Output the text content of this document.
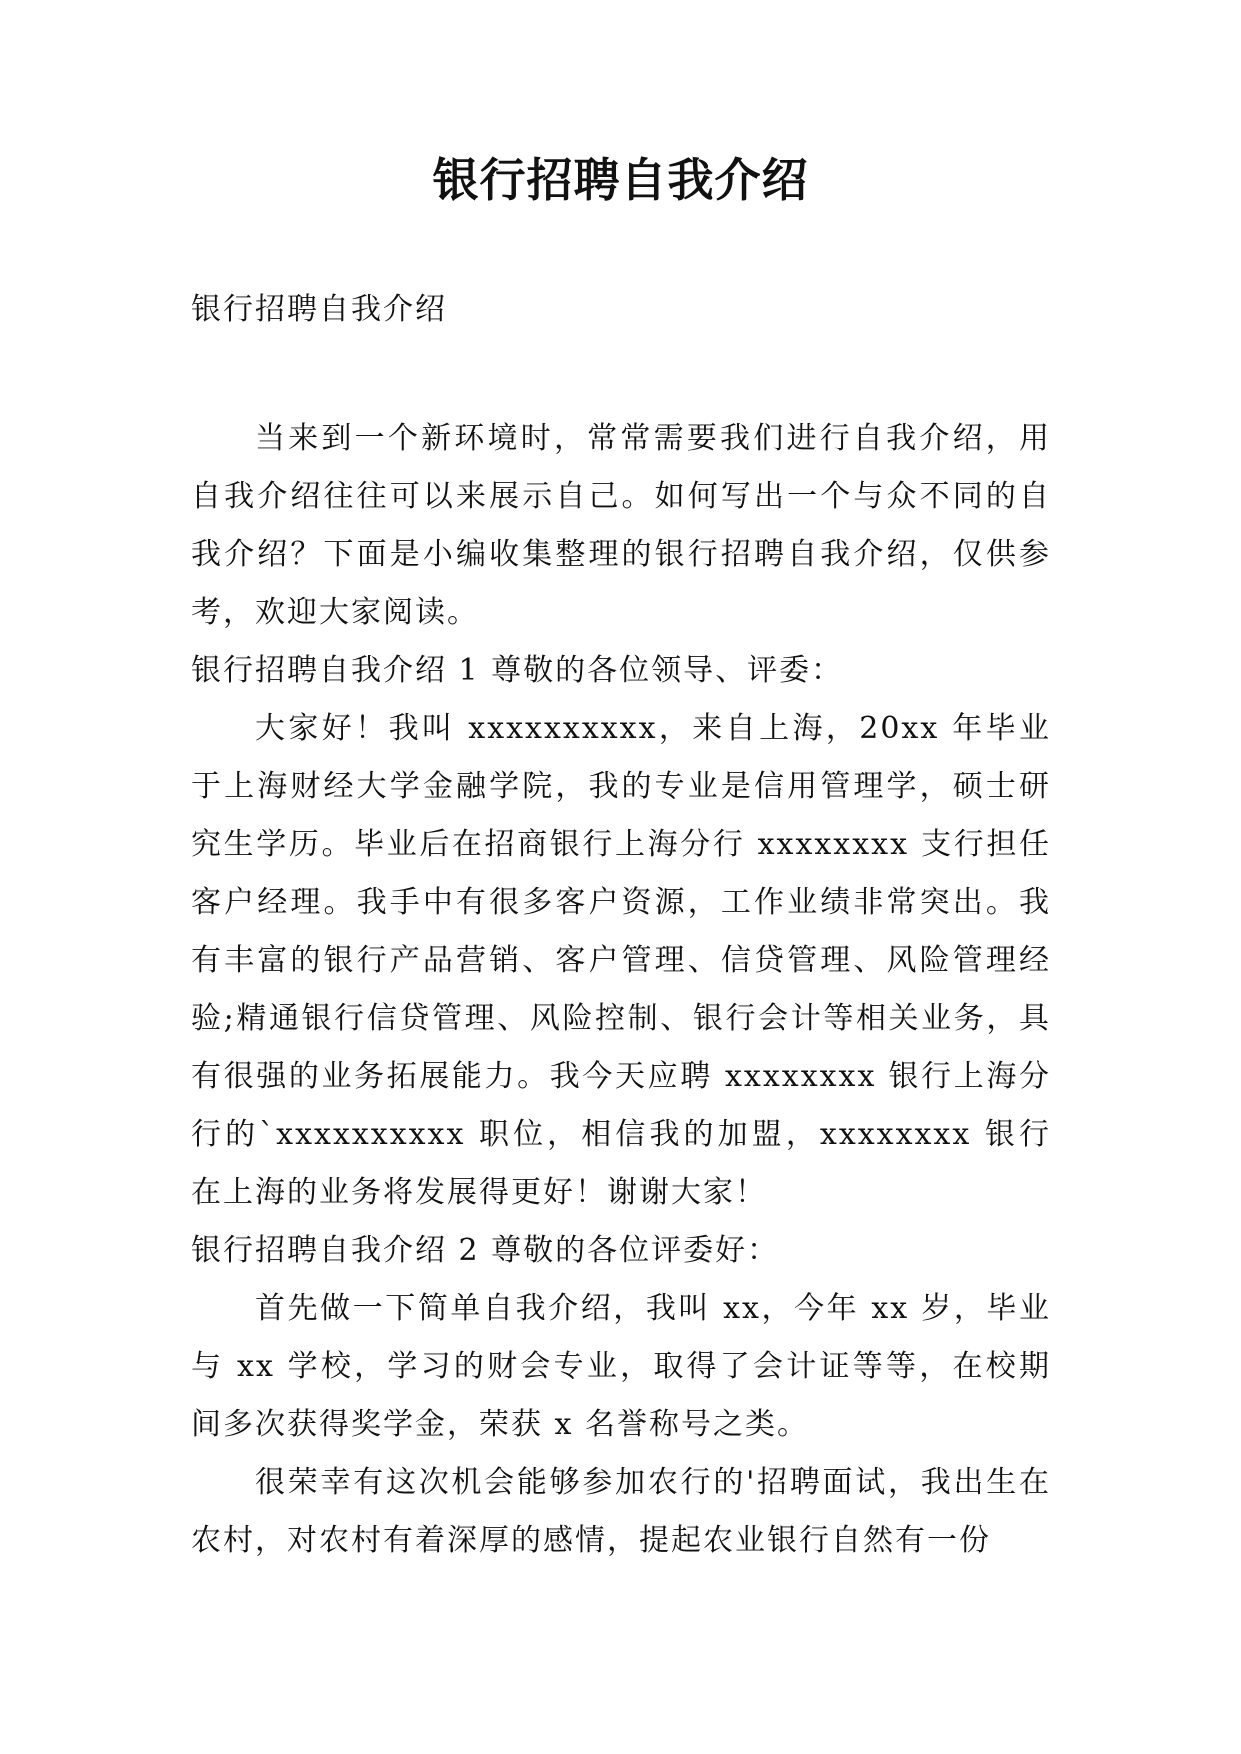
银行招聘自我介绍
银行招聘自我介绍

当来到一个新环境时，常常需要我们进行自我介绍，用自我介绍往往可以来展示自己。如何写出一个与众不同的自我介绍？下面是小编收集整理的银行招聘自我介绍，仅供参考，欢迎大家阅读。

银行招聘自我介绍 1 尊敬的各位领导、评委：

大家好！我叫 xxxxxxxxxx，来自上海，20xx 年毕业于上海财经大学金融学院，我的专业是信用管理学，硕士研究生学历。毕业后在招商银行上海分行 xxxxxxxx 支行担任客户经理。我手中有很多客户资源，工作业绩非常突出。我有丰富的银行产品营销、客户管理、信贷管理、风险管理经验;精通银行信贷管理、风险控制、银行会计等相关业务，具有很强的业务拓展能力。我今天应聘 xxxxxxxx 银行上海分行的`xxxxxxxxxx 职位，相信我的加盟，xxxxxxxx 银行在上海的业务将发展得更好！谢谢大家！

银行招聘自我介绍 2 尊敬的各位评委好：

首先做一下简单自我介绍，我叫 xx，今年 xx 岁，毕业与 xx 学校，学习的财会专业，取得了会计证等等，在校期间多次获得奖学金，荣获 x 名誉称号之类。

很荣幸有这次机会能够参加农行的'招聘面试，我出生在农村，对农村有着深厚的感情，提起农业银行自然有一份
